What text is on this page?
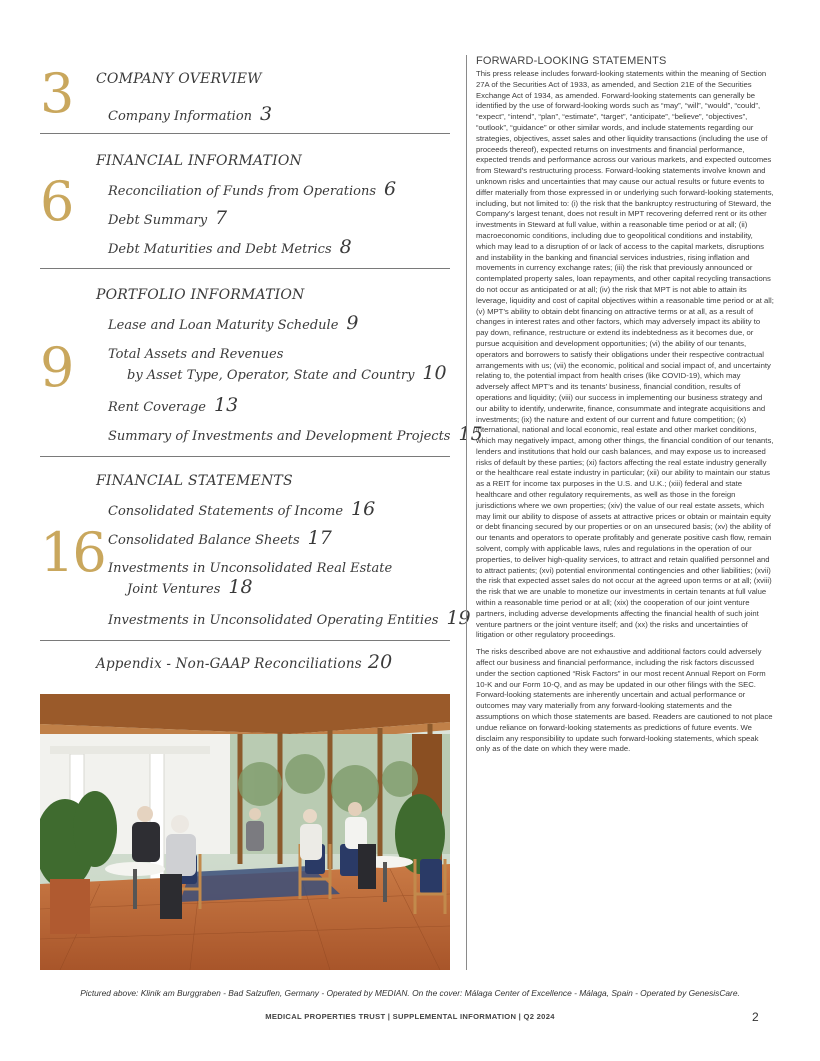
3 COMPANY OVERVIEW
Company Information 3
6
FINANCIAL INFORMATION
Reconciliation of Funds from Operations 6
Debt Summary 7
Debt Maturities and Debt Metrics 8
9
PORTFOLIO INFORMATION
Lease and Loan Maturity Schedule 9
Total Assets and Revenues
by Asset Type, Operator, State and Country 10
Rent Coverage 13
Summary of Investments and Development Projects 15
16
FINANCIAL STATEMENTS
Consolidated Statements of Income 16
Consolidated Balance Sheets 17
Investments in Unconsolidated Real Estate
Joint Ventures 18
Investments in Unconsolidated Operating Entities 19
Appendix - Non-GAAP Reconciliations 20
Pictured above: Klinik am Burggraben - Bad Salzuflen, Germany - Operated by MEDIAN. On the cover: Málaga Center of Excellence - Málaga, Spain - Operated by GenesisCare.
FORWARD-LOOKING STATEMENTS

This press release includes forward-looking statements within the meaning of Section 27A of the Securities Act of 1933, as amended, and Section 21E of the Securities Exchange Act of 1934, as amended. Forward-looking statements can generally be identified by the use of forward-looking words such as “may”, “will”, “would”, “could”, “expect”, “intend”, “plan”, “estimate”, “target”, “anticipate”, “believe”, “objectives”, “outlook”, “guidance” or other similar words, and include statements regarding our strategies, objectives, asset sales and other liquidity transactions (including the use of proceeds thereof), expected returns on investments and financial performance, expected trends and performance across our various markets, and expected outcomes from Steward’s restructuring process. Forward-looking statements involve known and unknown risks and uncertainties that may cause our actual results or future events to differ materially from those expressed in or underlying such forward-looking statements, including, but not limited to: (i) the risk that the bankruptcy restructuring of Steward, the Company’s largest tenant, does not result in MPT recovering deferred rent or its other investments in Steward at full value, within a reasonable time period or at all; (ii) macroeconomic conditions, including due to geopolitical conditions and instability, which may lead to a disruption of or lack of access to the capital markets, disruptions and instability in the banking and financial services industries, rising inflation and movements in currency exchange rates; (iii) the risk that previously announced or contemplated property sales, loan repayments, and other capital recycling transactions do not occur as anticipated or at all; (iv) the risk that MPT is not able to attain its leverage, liquidity and cost of capital objectives within a reasonable time period or at all; (v) MPT’s ability to obtain debt financing on attractive terms or at all, as a result of changes in interest rates and other factors, which may adversely impact its ability to pay down, refinance, restructure or extend its indebtedness as it becomes due, or pursue acquisition and development opportunities; (vi) the ability of our tenants, operators and borrowers to satisfy their obligations under their respective contractual arrangements with us; (vii) the economic, political and social impact of, and uncertainty relating to, the potential impact from health crises (like COVID-19), which may adversely affect MPT’s and its tenants’ business, financial condition, results of operations and liquidity; (viii) our success in implementing our business strategy and our ability to identify, underwrite, finance, consummate and integrate acquisitions and investments; (ix) the nature and extent of our current and future competition; (x) international, national and local economic, real estate and other market conditions, which may negatively impact, among other things, the financial condition of our tenants, lenders and institutions that hold our cash balances, and may expose us to increased risks of default by these parties; (xi) factors affecting the real estate industry generally or the healthcare real estate industry in particular; (xii) our ability to maintain our status as a REIT for income tax purposes in the U.S. and U.K.; (xiii) federal and state healthcare and other regulatory requirements, as well as those in the foreign jurisdictions where we own properties; (xiv) the value of our real estate assets, which may limit our ability to dispose of assets at attractive prices or obtain or maintain equity or debt financing secured by our properties or on an unsecured basis; (xv) the ability of our tenants and operators to operate profitably and generate positive cash flow, remain solvent, comply with applicable laws, rules and regulations in the operation of our properties, to deliver high-quality services, to attract and retain qualified personnel and to attract patients; (xvi) potential environmental contingencies and other liabilities; (xvii) the risk that expected asset sales do not occur at the agreed upon terms or at all; (xviii) the risk that we are unable to monetize our investments in certain tenants at full value within a reasonable time period or at all; (xix) the cooperation of our joint venture partners, including adverse developments affecting the financial health of such joint venture partners or the joint venture itself; and (xx) the risks and uncertainties of litigation or other regulatory proceedings.

The risks described above are not exhaustive and additional factors could adversely affect our business and financial performance, including the risk factors discussed under the section captioned “Risk Factors” in our most recent Annual Report on Form 10-K and our Form 10-Q, and as may be updated in our other filings with the SEC. Forward-looking statements are inherently uncertain and actual performance or outcomes may vary materially from any forward-looking statements and the assumptions on which those statements are based. Readers are cautioned to not place undue reliance on forward-looking statements as predictions of future events. We disclaim any responsibility to update such forward-looking statements, which speak only as of the date on which they were made.

MEDICAL PROPERTIES TRUST | SUPPLEMENTAL INFORMATION | Q2 2024	2
